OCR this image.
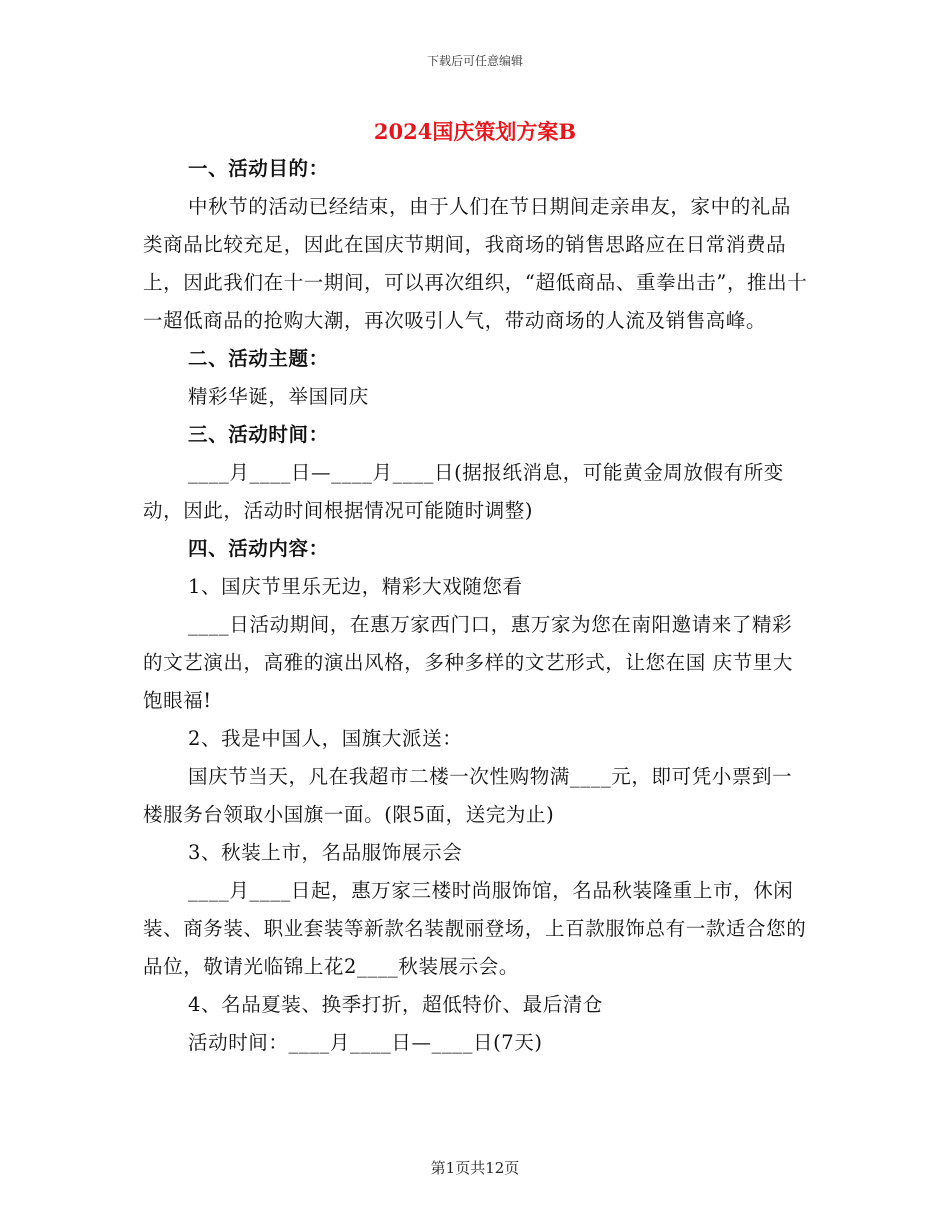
下载后可任意编辑
2024国庆策划方案B

一、活动目的：

中秋节的活动已经结束，由于人们在节日期间走亲串友，家中的礼品类商品比较充足，因此在国庆节期间，我商场的销售思路应在日常消费品上，因此我们在十一期间，可以再次组织，“超低商品、重拳出击”，推出十一超低商品的抢购大潮，再次吸引人气，带动商场的人流及销售高峰。

二、活动主题：

精彩华诞，举国同庆

三、活动时间：

____月____日—____月____日(据报纸消息，可能黄金周放假有所变动，因此，活动时间根据情况可能随时调整)

四、活动内容：

1、国庆节里乐无边，精彩大戏随您看

____日活动期间，在惠万家西门口，惠万家为您在南阳邀请来了精彩的文艺演出，高雅的演出风格，多种多样的文艺形式，让您在国 庆节里大饱眼福!

2、我是中国人，国旗大派送：

国庆节当天，凡在我超市二楼一次性购物满____元，即可凭小票到一楼服务台领取小国旗一面。(限5面，送完为止)

3、秋装上市，名品服饰展示会

____月____日起，惠万家三楼时尚服饰馆，名品秋装隆重上市，休闲装、商务装、职业套装等新款名装靓丽登场，上百款服饰总有一款适合您的品位，敬请光临锦上花2____秋装展示会。

4、名品夏装、换季打折，超低特价、最后清仓

活动时间：____月____日—____日(7天)

第1页共12页
